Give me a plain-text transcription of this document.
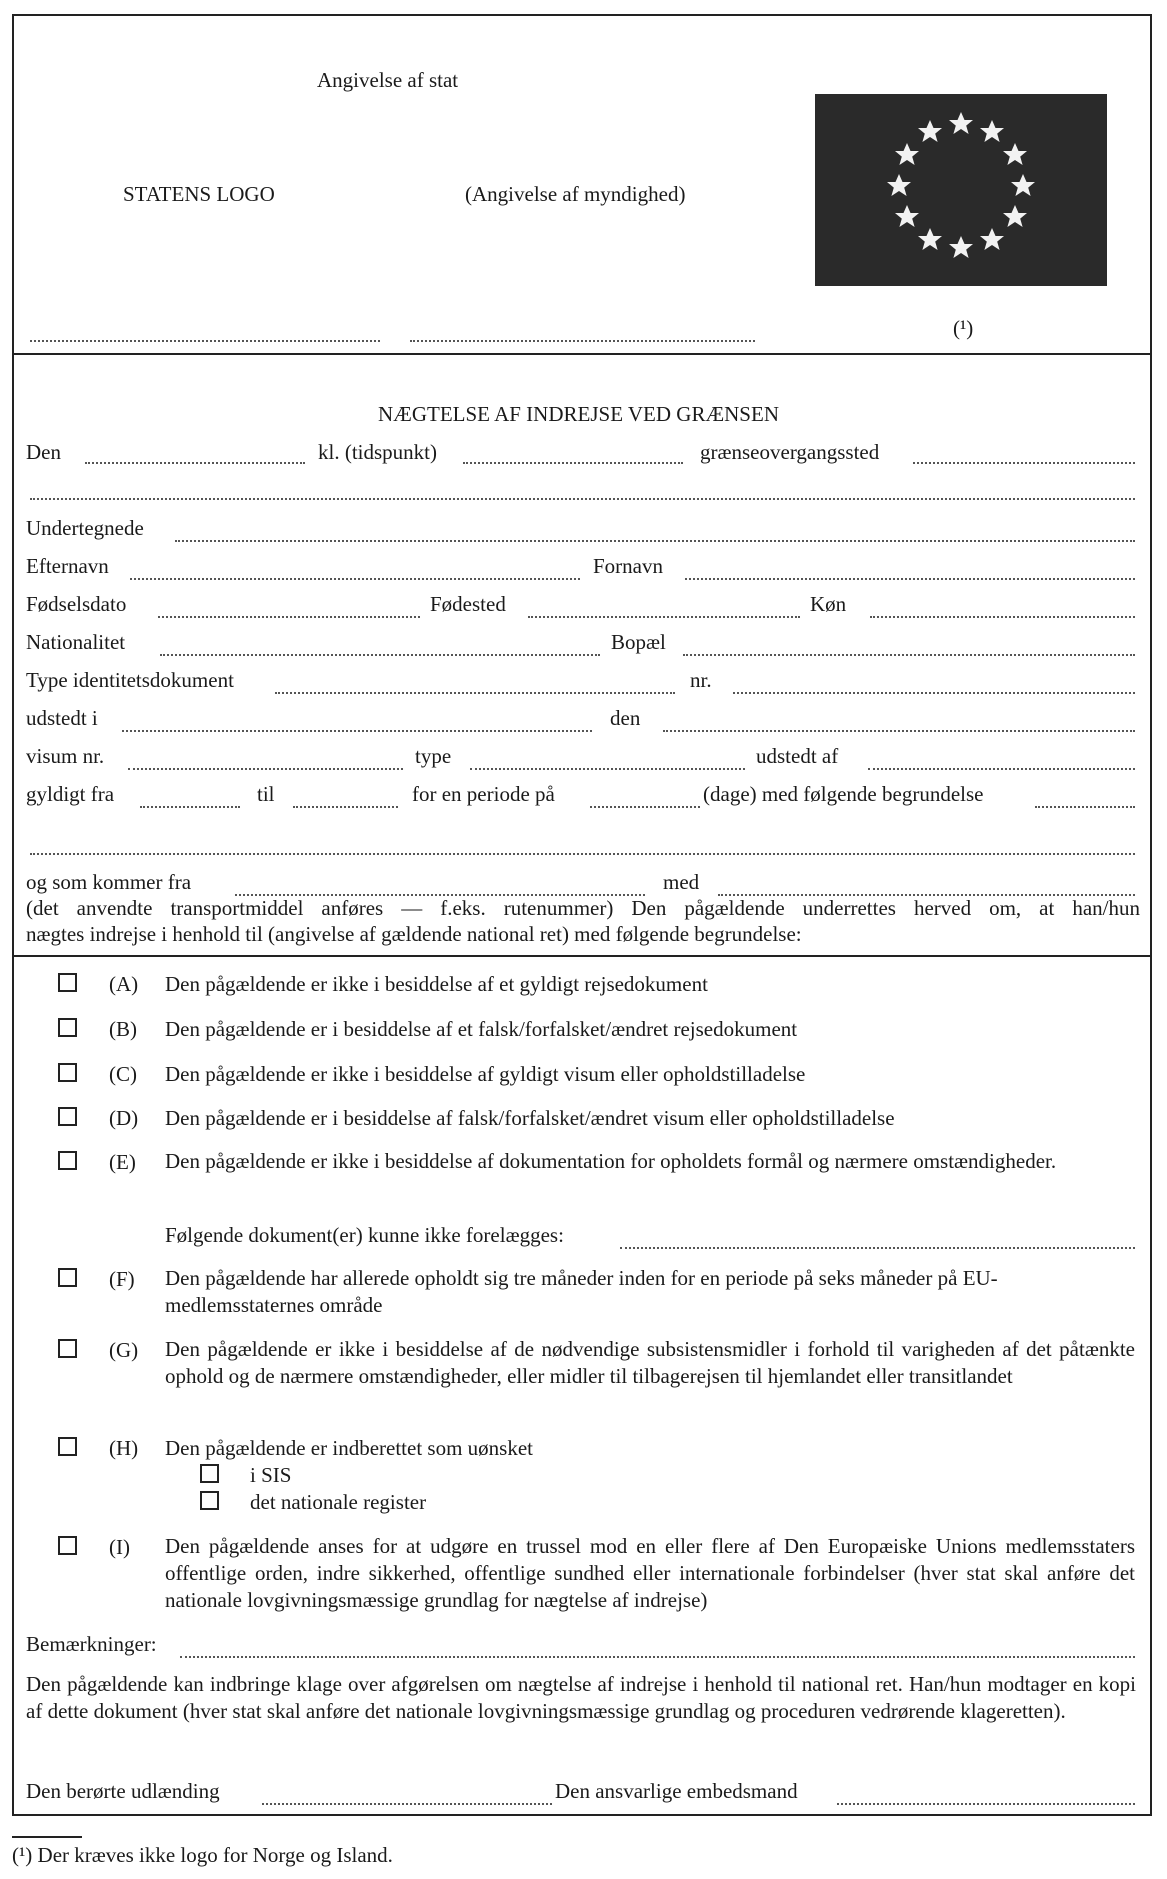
Angivelse af stat
STATENS LOGO	(Angivelse af myndighed)
(¹)
NÆGTELSE AF INDREJSE VED GRÆNSEN
Den	kl. (tidspunkt)	grænseovergangssted
Undertegnede
Efternavn	Fornavn
Fødselsdato	Fødested	Køn
Nationalitet	Bopæl
Type identitetsdokument	nr.
udstedt i	den
visum nr.	type	udstedt af
gyldigt fra	til	for en periode på	(dage) med følgende begrundelse
og som kommer fra	med
(det anvendte transportmiddel anføres — f.eks. rutenummer) Den pågældende underrettes herved om, at han/hun
nægtes indrejse i henhold til (angivelse af gældende national ret) med følgende begrundelse:
(A) Den pågældende er ikke i besiddelse af et gyldigt rejsedokument
(B) Den pågældende er i besiddelse af et falsk/forfalsket/ændret rejsedokument
(C) Den pågældende er ikke i besiddelse af gyldigt visum eller opholdstilladelse
(D) Den pågældende er i besiddelse af falsk/forfalsket/ændret visum eller opholdstilladelse
(E) Den pågældende er ikke i besiddelse af dokumentation for opholdets formål og nærmere omstændigheder.
Følgende dokument(er) kunne ikke forelægges:
(F) Den pågældende har allerede opholdt sig tre måneder inden for en periode på seks måneder på EU-medlemsstaternes område
(G) Den pågældende er ikke i besiddelse af de nødvendige subsistensmidler i forhold til varigheden af det påtænkte ophold og de nærmere omstændigheder, eller midler til tilbagerejsen til hjemlandet eller transitlandet
(H) Den pågældende er indberettet som uønsket
i SIS
det nationale register
(I) Den pågældende anses for at udgøre en trussel mod en eller flere af Den Europæiske Unions medlemsstaters offentlige orden, indre sikkerhed, offentlige sundhed eller internationale forbindelser (hver stat skal anføre det nationale lovgivningsmæssige grundlag for nægtelse af indrejse)
Bemærkninger:
Den pågældende kan indbringe klage over afgørelsen om nægtelse af indrejse i henhold til national ret. Han/hun modtager en kopi af dette dokument (hver stat skal anføre det nationale lovgivningsmæssige grundlag og proceduren vedrørende klageretten).
Den berørte udlænding	Den ansvarlige embedsmand
(¹) Der kræves ikke logo for Norge og Island.
